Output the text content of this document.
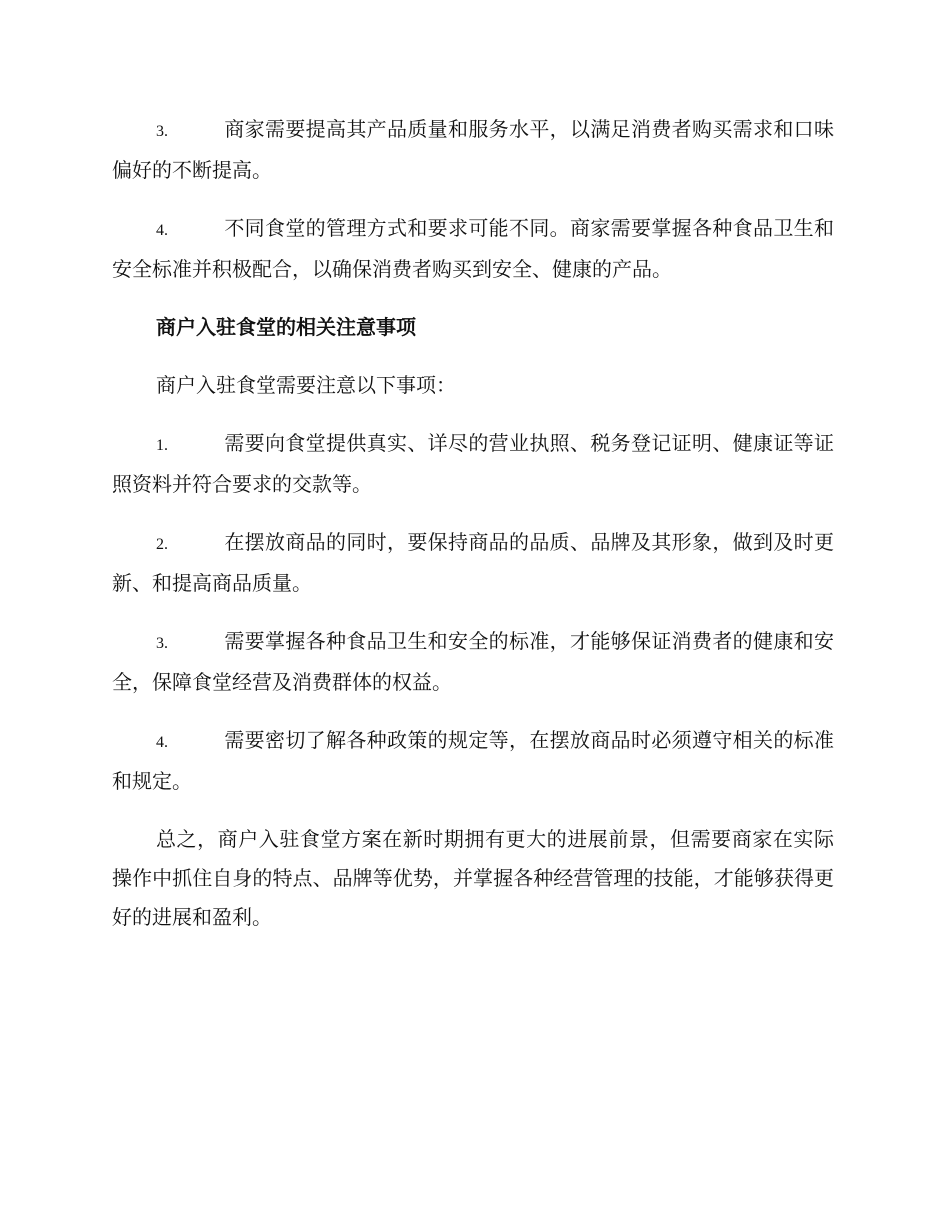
3.	商家需要提高其产品质量和服务水平，以满足消费者购买需求和口味偏好的不断提高。

4.	不同食堂的管理方式和要求可能不同。商家需要掌握各种食品卫生和安全标准并积极配合，以确保消费者购买到安全、健康的产品。

商户入驻食堂的相关注意事项

商户入驻食堂需要注意以下事项：

1.	需要向食堂提供真实、详尽的营业执照、税务登记证明、健康证等证照资料并符合要求的交款等。

2.	在摆放商品的同时，要保持商品的品质、品牌及其形象，做到及时更新、和提高商品质量。

3.	需要掌握各种食品卫生和安全的标准，才能够保证消费者的健康和安全，保障食堂经营及消费群体的权益。

4.	需要密切了解各种政策的规定等，在摆放商品时必须遵守相关的标准和规定。

总之，商户入驻食堂方案在新时期拥有更大的进展前景，但需要商家在实际操作中抓住自身的特点、品牌等优势，并掌握各种经营管理的技能，才能够获得更好的进展和盈利。
